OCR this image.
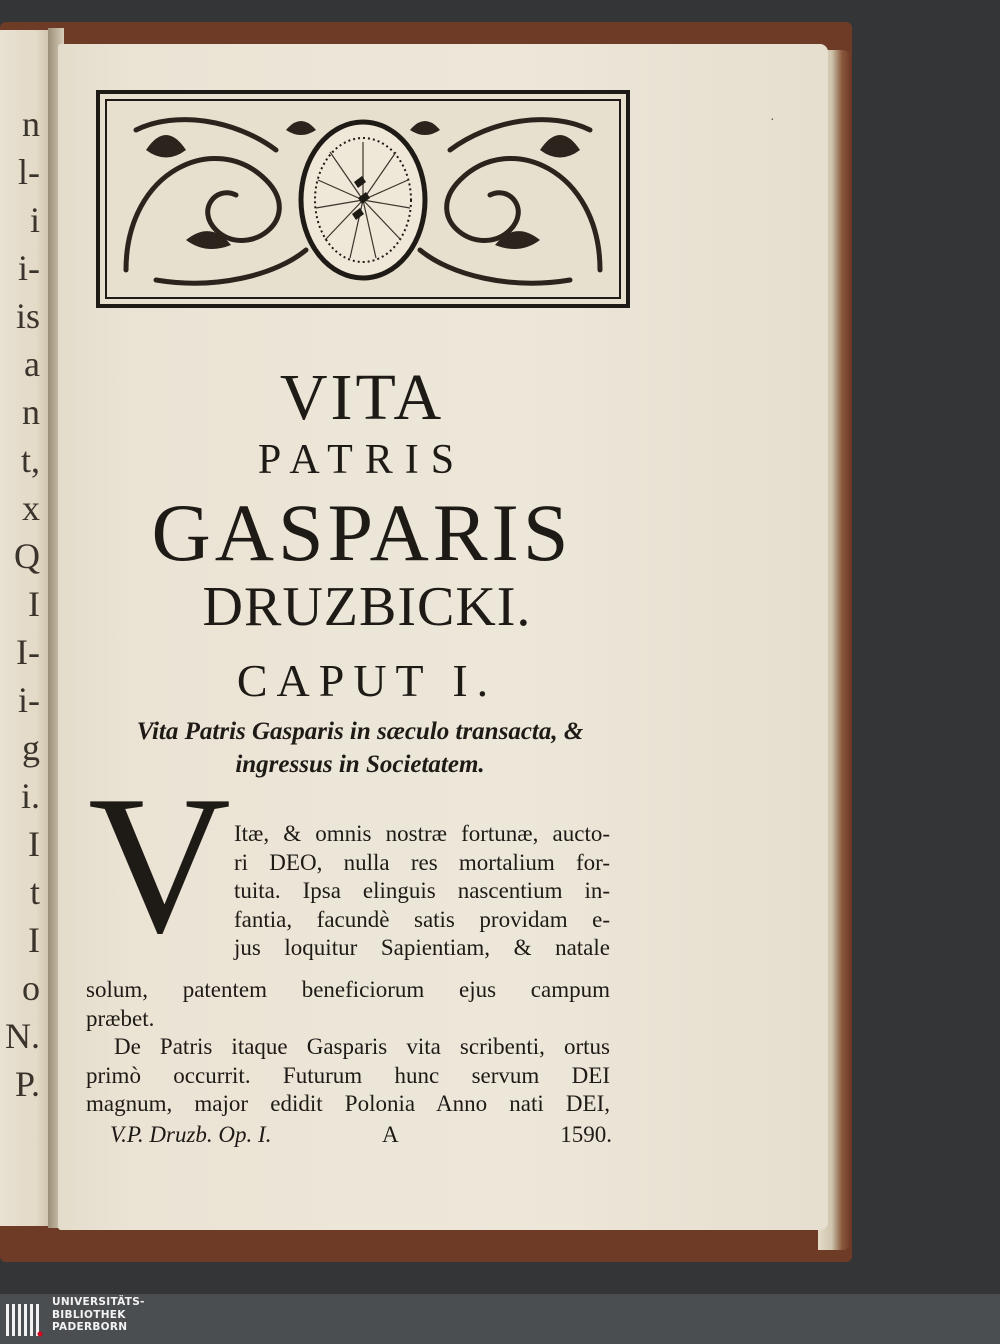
n
l-
i
i-
is
a
n
t,
x
Q
I
I-
i-
g
i.
I
t
I
o
N.
P.
·
VITA
PATRIS
GASPARIS
DRUZBICKI.
CAPUT I.
Vita Patris Gasparis in sæculo transacta, &
ingressus in Societatem.
V Itæ, & omnis nostræ fortunæ, aucto-
ri DEO, nulla res mortalium for-
tuita. Ipsa elinguis nascentium in-
fantia, facundè satis providam e-
jus loquitur Sapientiam, & natale
solum, patentem beneficiorum ejus campum
præbet.
De Patris itaque Gasparis vita scribenti, ortus
primò occurrit. Futurum hunc servum DEI
magnum, major edidit Polonia Anno nati DEI,
V.P. Druzb. Op. I.	A	1590.
UNIVERSITÄTS-
BIBLIOTHEK
PADERBORN
